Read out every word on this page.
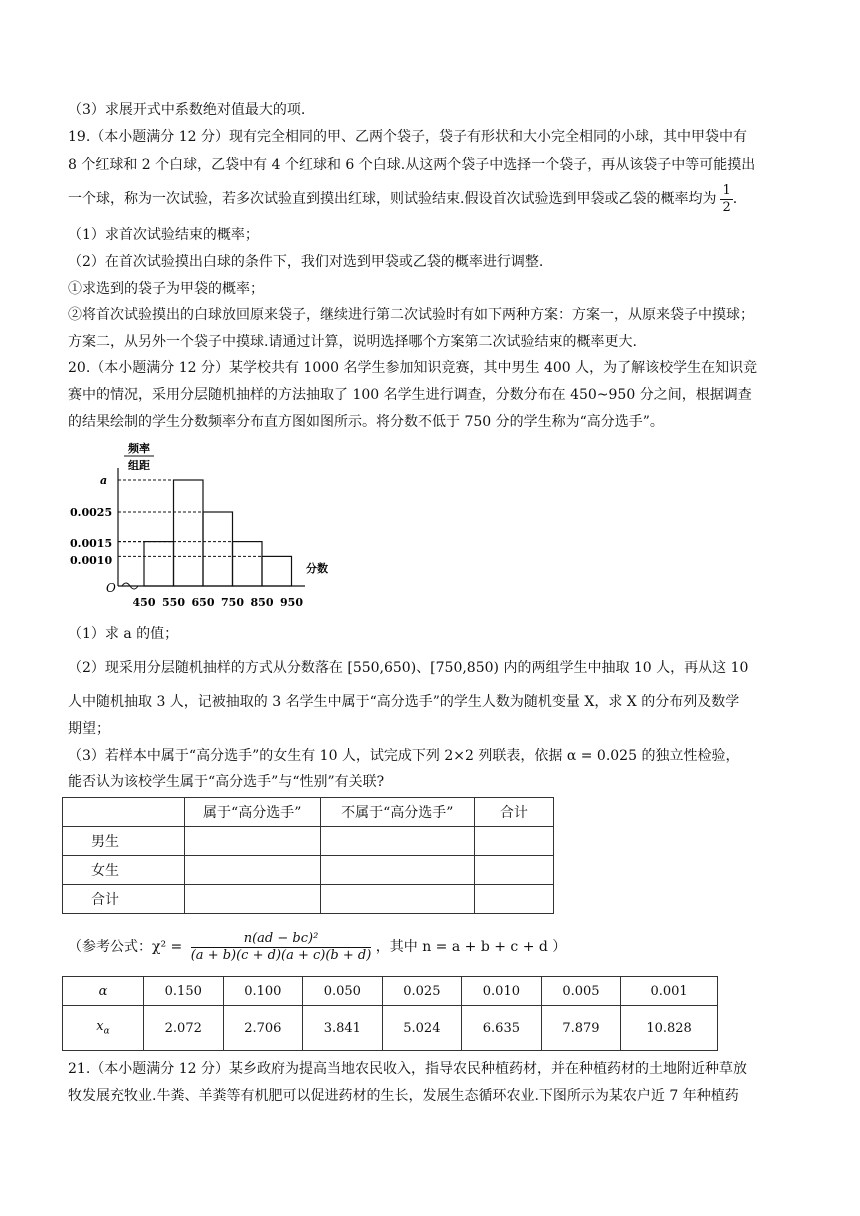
（3）求展开式中系数绝对值最大的项.
19.（本小题满分 12 分）现有完全相同的甲、乙两个袋子，袋子有形状和大小完全相同的小球，其中甲袋中有
8 个红球和 2 个白球，乙袋中有 4 个红球和 6 个白球.从这两个袋子中选择一个袋子，再从该袋子中等可能摸出
一个球，称为一次试验，若多次试验直到摸出红球，则试验结束.假设首次试验选到甲袋或乙袋的概率均为 $\frac{1}{2}$ .
（1）求首次试验结束的概率；
（2）在首次试验摸出白球的条件下，我们对选到甲袋或乙袋的概率进行调整.
①求选到的袋子为甲袋的概率；
②将首次试验摸出的白球放回原来袋子，继续进行第二次试验时有如下两种方案：方案一，从原来袋子中摸球；
方案二，从另外一个袋子中摸球.请通过计算，说明选择哪个方案第二次试验结束的概率更大.
20.（本小题满分 12 分）某学校共有 1000 名学生参加知识竞赛，其中男生 400 人，为了解该校学生在知识竞
赛中的情况，采用分层随机抽样的方法抽取了 100 名学生进行调查，分数分布在 450~950 分之间，根据调查
的结果绘制的学生分数频率分布直方图如图所示。将分数不低于 750 分的学生称为“高分选手”。
O
频率
组距
分数
a
0.0025
0.0015
0.0010
450 550 650 750 850 950
（1）求 a 的值；
（2）现采用分层随机抽样的方式从分数落在 [550,650)、[750,850) 内的两组学生中抽取 10 人，再从这 10
人中随机抽取 3 人，记被抽取的 3 名学生中属于“高分选手”的学生人数为随机变量 X，求 X 的分布列及数学
期望；
（3）若样本中属于“高分选手”的女生有 10 人，试完成下列 2×2 列联表，依据 α = 0.025 的独立性检验，
能否认为该校学生属于“高分选手”与“性别”有关联?
	属于“高分选手”	不属于“高分选手”	合计
男生			
女生			
合计			
（参考公式：$\chi^2 = \frac{\text{n(ad − bc)²}}{(a + b)(c + d)(a + c)(b + d)}$ ，其中 n = a + b + c + d ）
α	0.150	0.100	0.050	0.025	0.010	0.005	0.001
$x_\alpha$	2.072	2.706	3.841	5.024	6.635	7.879	10.828
21.（本小题满分 12 分）某乡政府为提高当地农民收入，指导农民种植药材，并在种植药材的土地附近种草放
牧发展充牧业.牛粪、羊粪等有机肥可以促进药材的生长，发展生态循环农业.下图所示为某农户近 7 年种植药
